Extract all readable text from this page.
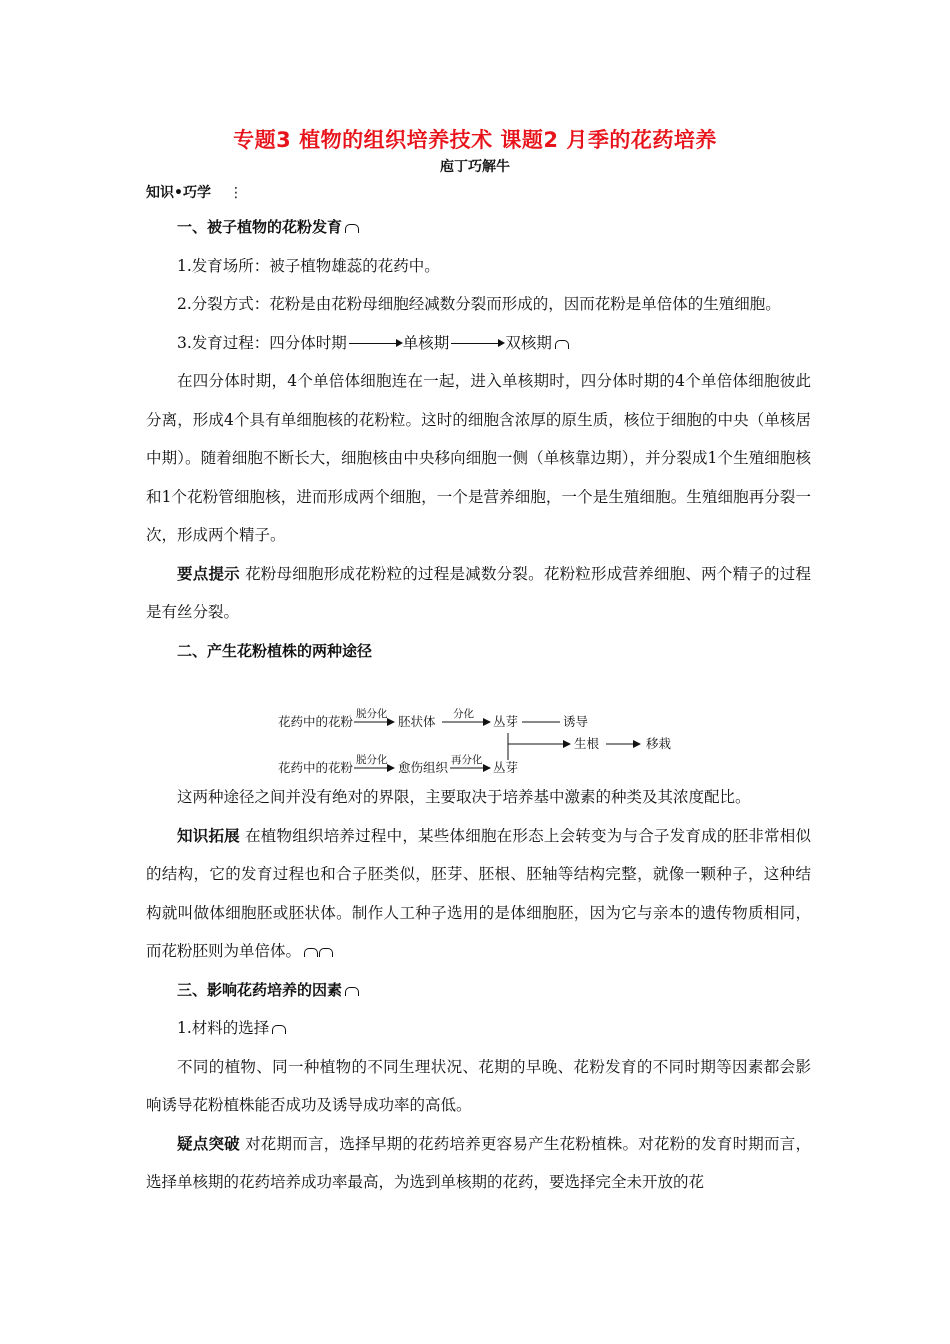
专题3 植物的组织培养技术 课题2 月季的花药培养
庖丁巧解牛
知识•巧学 ⋮
一、被子植物的花粉发育

1.发育场所：被子植物雄蕊的花药中。

2.分裂方式：花粉是由花粉母细胞经减数分裂而形成的，因而花粉是单倍体的生殖细胞。

3.发育过程：四分体时期	单核期	双核期

在四分体时期，4个单倍体细胞连在一起，进入单核期时，四分体时期的4个单倍体细胞彼此分离，形成4个具有单细胞核的花粉粒。这时的细胞含浓厚的原生质，核位于细胞的中央（单核居中期）。随着细胞不断长大，细胞核由中央移向细胞一侧（单核靠边期），并分裂成1个生殖细胞核和1个花粉管细胞核，进而形成两个细胞，一个是营养细胞，一个是生殖细胞。生殖细胞再分裂一次，形成两个精子。

要点提示 花粉母细胞形成花粉粒的过程是减数分裂。花粉粒形成营养细胞、两个精子的过程是有丝分裂。

二、产生花粉植株的两种途径
花药中的花粉 脱分化 胚状体 分化 丛芽	诱导
生根	移栽
花药中的花粉 脱分化 愈伤组织 再分化 丛芽

这两种途径之间并没有绝对的界限，主要取决于培养基中激素的种类及其浓度配比。

知识拓展 在植物组织培养过程中，某些体细胞在形态上会转变为与合子发育成的胚非常相似的结构，它的发育过程也和合子胚类似，胚芽、胚根、胚轴等结构完整，就像一颗种子，这种结构就叫做体细胞胚或胚状体。制作人工种子选用的是体细胞胚，因为它与亲本的遗传物质相同，而花粉胚则为单倍体。

三、影响花药培养的因素

1.材料的选择

不同的植物、同一种植物的不同生理状况、花期的早晚、花粉发育的不同时期等因素都会影响诱导花粉植株能否成功及诱导成功率的高低。

疑点突破 对花期而言，选择早期的花药培养更容易产生花粉植株。对花粉的发育时期而言，选择单核期的花药培养成功率最高，为选到单核期的花药，要选择完全未开放的花
